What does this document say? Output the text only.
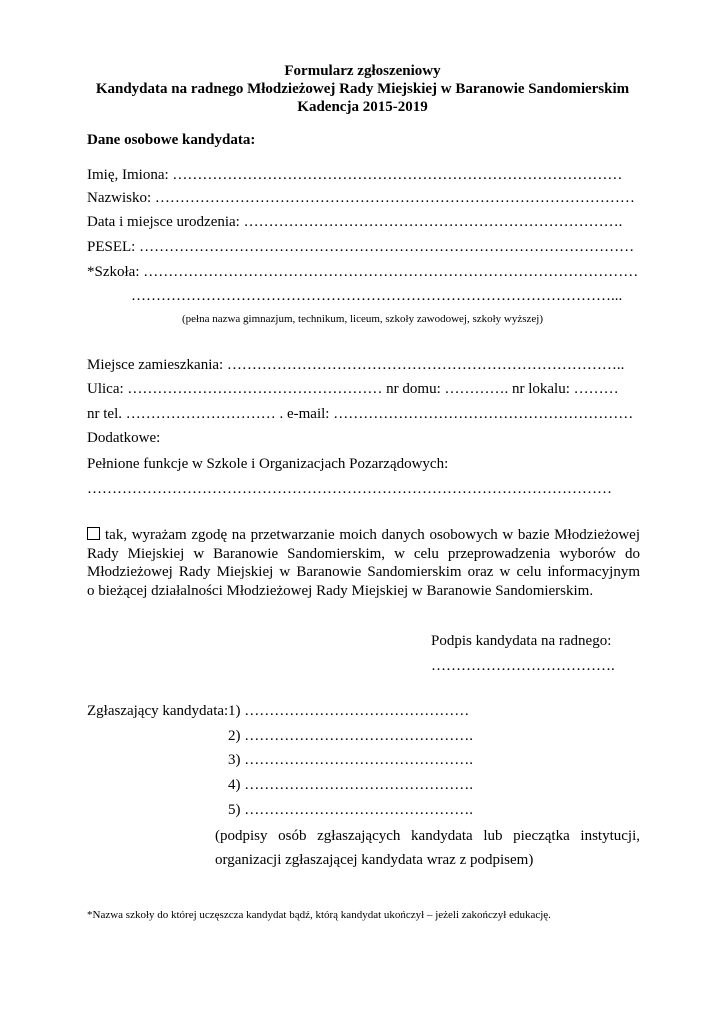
Formularz zgłoszeniowy
Kandydata na radnego Młodzieżowej Rady Miejskiej w Baranowie Sandomierskim
Kadencja 2015-2019
Dane osobowe kandydata:
Imię, Imiona: ………………………………………………………………………………
Nazwisko: ……………………………………………………………………………………
Data i miejsce urodzenia: ………………………………………………………………….
PESEL: ………………………………………………………………………………………
*Szkoła: ………………………………………………………………………………………
……………………………………………………………………………………...
(pełna nazwa gimnazjum, technikum, liceum, szkoły zawodowej, szkoły wyższej)
Miejsce zamieszkania: ……………………………………………………………………..
Ulica: …………………………………………… nr domu: …………. nr lokalu: ………
nr tel. ………………………… . e-mail: ……………………………………………………
Dodatkowe:
Pełnione funkcje w Szkole i Organizacjach Pozarządowych:
……………………………………………………………………………………………
tak, wyrażam zgodę na przetwarzanie moich danych osobowych w bazie Młodzieżowej
Rady Miejskiej w Baranowie Sandomierskim, w celu przeprowadzenia wyborów do
Młodzieżowej Rady Miejskiej w Baranowie Sandomierskim oraz w celu informacyjnym
o bieżącej działalności Młodzieżowej Rady Miejskiej w Baranowie Sandomierskim.
Podpis kandydata na radnego:
……………………………….
Zgłaszający kandydata: 1) ………………………………………
2) ……………………………………….
3) ……………………………………….
4) ……………………………………….
5) ……………………………………….
(podpisy osób zgłaszających kandydata lub pieczątka instytucji,
organizacji zgłaszającej kandydata wraz z podpisem)
*Nazwa szkoły do której uczęszcza kandydat bądź, którą kandydat ukończył – jeżeli zakończył edukację.
